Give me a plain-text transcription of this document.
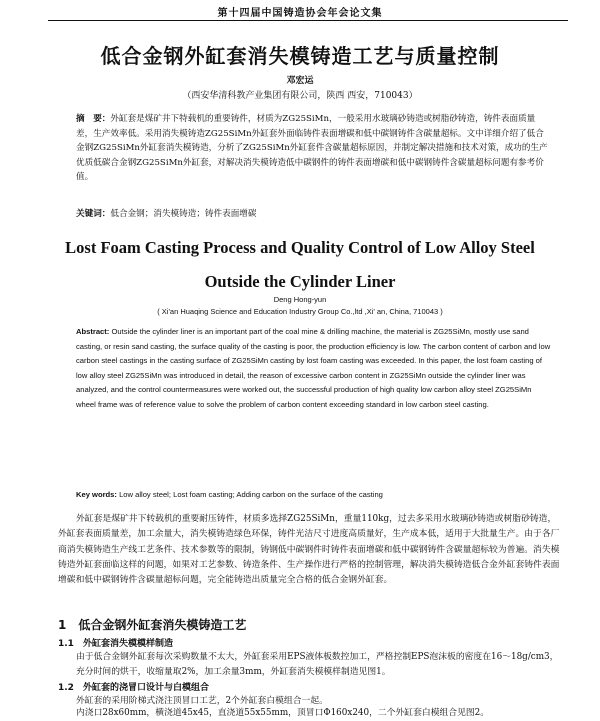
第十四届中国铸造协会年会论文集
低合金钢外缸套消失模铸造工艺与质量控制
邓宏运
（西安华清科教产业集团有限公司，陕西 西安，710043）
摘　要：外缸套是煤矿井下特载机的重要铸件，材质为ZG25SiMn，一般采用水玻璃砂铸造或树脂砂铸造，铸件表面质量差，生产效率低。采用消失模铸造ZG25SiMn外缸套外面临铸件表面增碳和低中碳钢铸件含碳量超标。文中详细介绍了低合金钢ZG25SiMn外缸套消失模铸造，分析了ZG25SiMn外缸套件含碳量超标原因，并制定解决措施和技术对策，成功的生产优质低碳合金钢ZG25SiMn外缸套，对解决消失模铸造低中碳钢件的铸件表面增碳和低中碳钢铸件含碳量超标问题有参考价值。
关键词：低合金钢；消失模铸造；铸件表面增碳
Lost Foam Casting Process and Quality Control of Low Alloy Steel
Outside the Cylinder Liner
Deng Hong-yun
( Xi'an Huaqing Science and Education Industry Group Co.,ltd ,Xi' an, China, 710043 )
Abstract: Outside the cylinder liner is an important part of the coal mine & drilling machine, the material is ZG25SiMn, mostly use sand casting, or resin sand casting, the surface quality of the casting is poor, the production efficiency is low. The carbon content of carbon and low carbon steel castings in the casting surface of ZG25SiMn casting by lost foam casting was exceeded. In this paper, the lost foam casting of low alloy steel ZG25SiMn was introduced in detail, the reason of excessive carbon content in ZG25SiMn outside the cylinder liner was analyzed, and the control countermeasures were worked out, the successful production of high quality low carbon alloy steel ZG25SiMn wheel frame was of reference value to solve the problem of carbon content exceeding standard in low carbon steel casting.
Key words: Low alloy steel; Lost foam casting; Adding carbon on the surface of the casting
外缸套是煤矿井下转载机的重要耐压铸件，材质多选择ZG25SiMn，重量110kg，过去多采用水玻璃砂铸造或树脂砂铸造，外缸套表面质量差，加工余量大，消失模铸造绿色环保，铸件光洁尺寸进度高质量好，生产成本低，适用于大批量生产。由于各厂商消失模铸造生产线工艺条件、技术参数等的限制，铸钢低中碳钢件时铸件表面增碳和低中碳钢铸件含碳量超标较为普遍。消失模铸造外缸套面临这样的问题，如果对工艺参数、铸造条件、生产操作进行严格的控制管理，解决消失模铸造低合金外缸套铸件表面增碳和低中碳钢铸件含碳量超标问题，完全能铸造出质量完全合格的低合金钢外缸套。
1　低合金钢外缸套消失模铸造工艺
1.1　外缸套消失模模样制造
由于低合金钢外缸套每次采购数量不太大，外缸套采用EPS液体板数控加工，严格控制EPS泡沫板的密度在16～18g/cm3，充分时间的烘干，收缩量取2%，加工余量3mm，外缸套消失模模样制造见图1。
1.2　外缸套的浇冒口设计与白模组合
外缸套的采用阶梯式浇注顶冒口工艺，2个外缸套白模组合一起。
内浇口28x60mm，横浇道45x45，直浇道55x55mm，顶冒口Φ160x240，二个外缸套白模组合见图2。
